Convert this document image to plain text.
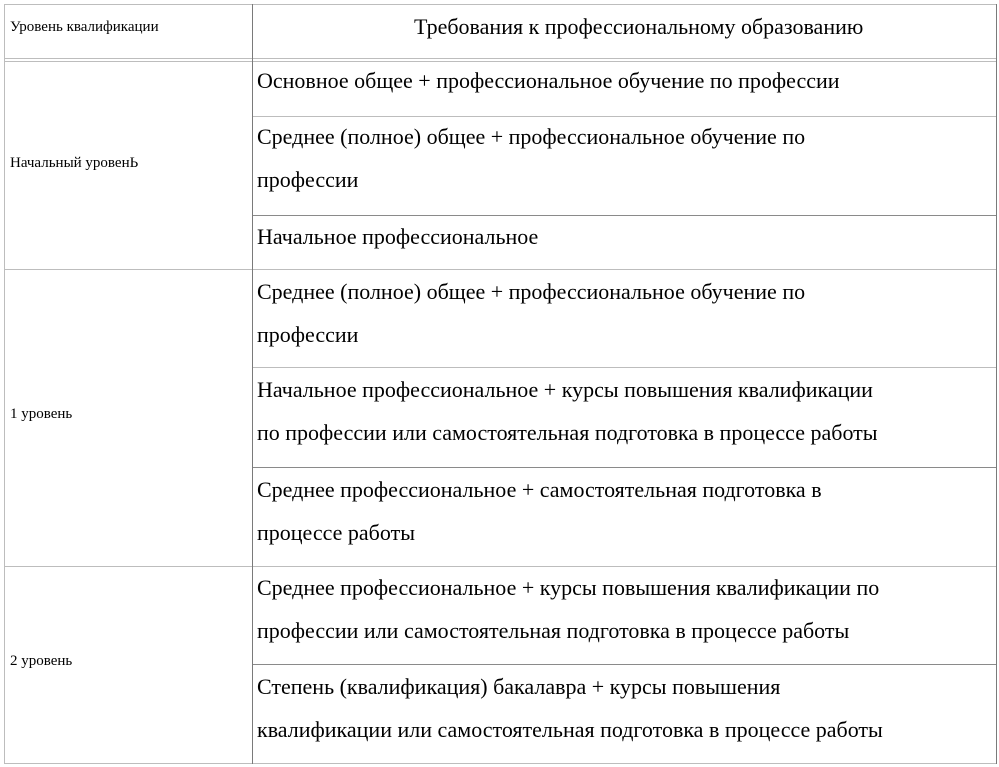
Уровень квалификации	Требования к профессиональному образованию
Начальный уровенЬ
Основное общее + профессиональное обучение по профессии
Среднее (полное) общее + профессиональное обучение по
профессии
Начальное профессиональное
1 уровень
Среднее (полное) общее + профессиональное обучение по
профессии
Начальное профессиональное + курсы повышения квалификации
по профессии или самостоятельная подготовка в процессе работы
Среднее профессиональное + самостоятельная подготовка в
процессе работы
2 уровень
Среднее профессиональное + курсы повышения квалификации по
профессии или самостоятельная подготовка в процессе работы
Степень (квалификация) бакалавра + курсы повышения
квалификации или самостоятельная подготовка в процессе работы
